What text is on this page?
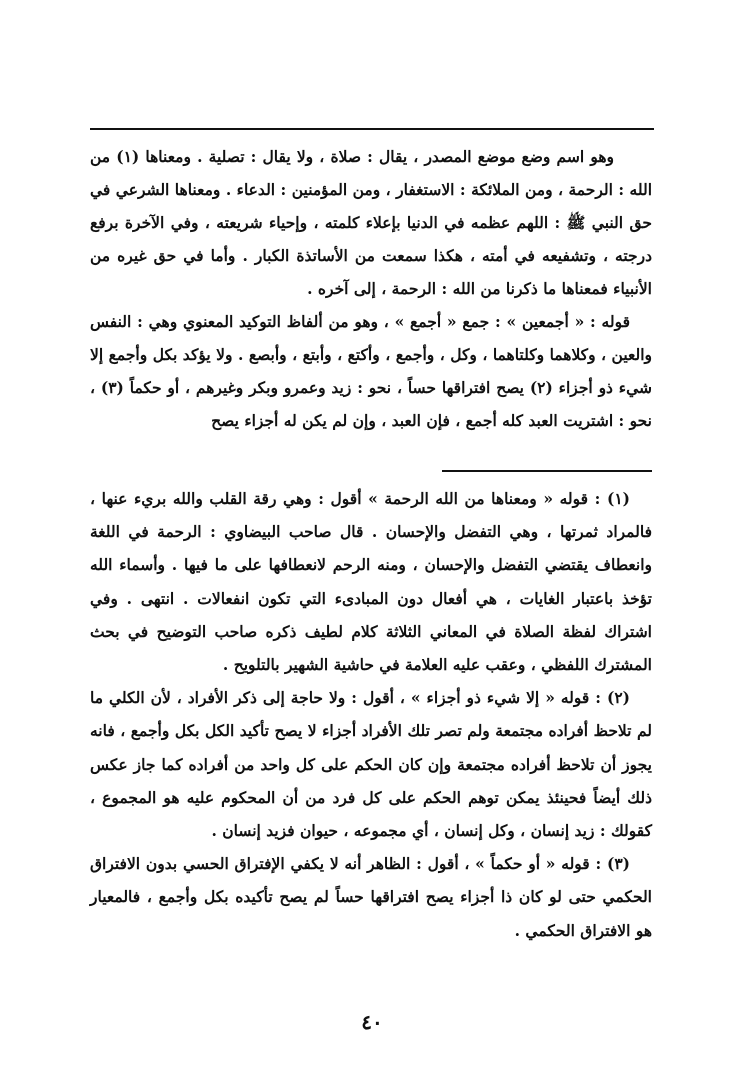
وهو اسم وضع موضع المصدر ، يقال : صلاة ، ولا يقال : تصلية . ومعناها (١) من الله : الرحمة ، ومن الملائكة : الاستغفار ، ومن المؤمنين : الدعاء . ومعناها الشرعي في حق النبي ﷺ : اللهم عظمه في الدنيا بإعلاء كلمته ، وإحياء شريعته ، وفي الآخرة برفع درجته ، وتشفيعه في أمته ، هكذا سمعت من الأساتذة الكبار . وأما في حق غيره من الأنبياء فمعناها ما ذكرنا من الله : الرحمة ، إلى آخره .

قوله : « أجمعين » : جمع « أجمع » ، وهو من ألفاظ التوكيد المعنوي وهي : النفس والعين ، وكلاهما وكلتاهما ، وكل ، وأجمع ، وأكتع ، وأبتع ، وأبصع . ولا يؤكد بكل وأجمع إلا شيء ذو أجزاء (٢) يصح افتراقها حساً ، نحو : زيد وعمرو وبكر وغيرهم ، أو حكماً (٣) ، نحو : اشتريت العبد كله أجمع ، فإن العبد ، وإن لم يكن له أجزاء يصح

(١) : قوله « ومعناها من الله الرحمة » أقول : وهي رقة القلب والله بريء عنها ، فالمراد ثمرتها ، وهي التفضل والإحسان . قال صاحب البيضاوي : الرحمة في اللغة وانعطاف يقتضي التفضل والإحسان ، ومنه الرحم لانعطافها على ما فيها . وأسماء الله تؤخذ باعتبار الغايات ، هي أفعال دون المبادىء التي تكون انفعالات . انتهى . وفي اشتراك لفظة الصلاة في المعاني الثلاثة كلام لطيف ذكره صاحب التوضيح في بحث المشترك اللفظي ، وعقب عليه العلامة في حاشية الشهير بالتلويح .

(٢) : قوله « إلا شيء ذو أجزاء » ، أقول : ولا حاجة إلى ذكر الأفراد ، لأن الكلي ما لم تلاحظ أفراده مجتمعة ولم تصر تلك الأفراد أجزاء لا يصح تأكيد الكل بكل وأجمع ، فانه يجوز أن تلاحظ أفراده مجتمعة وإن كان الحكم على كل واحد من أفراده كما جاز عكس ذلك أيضاً فحينئذ يمكن توهم الحكم على كل فرد من أن المحكوم عليه هو المجموع ، كقولك : زيد إنسان ، وكل إنسان ، أي مجموعه ، حيوان فزيد إنسان .

(٣) : قوله « أو حكماً » ، أقول : الظاهر أنه لا يكفي الإفتراق الحسي بدون الافتراق الحكمي حتى لو كان ذا أجزاء يصح افتراقها حساً لم يصح تأكيده بكل وأجمع ، فالمعيار هو الافتراق الحكمي .

٤٠
